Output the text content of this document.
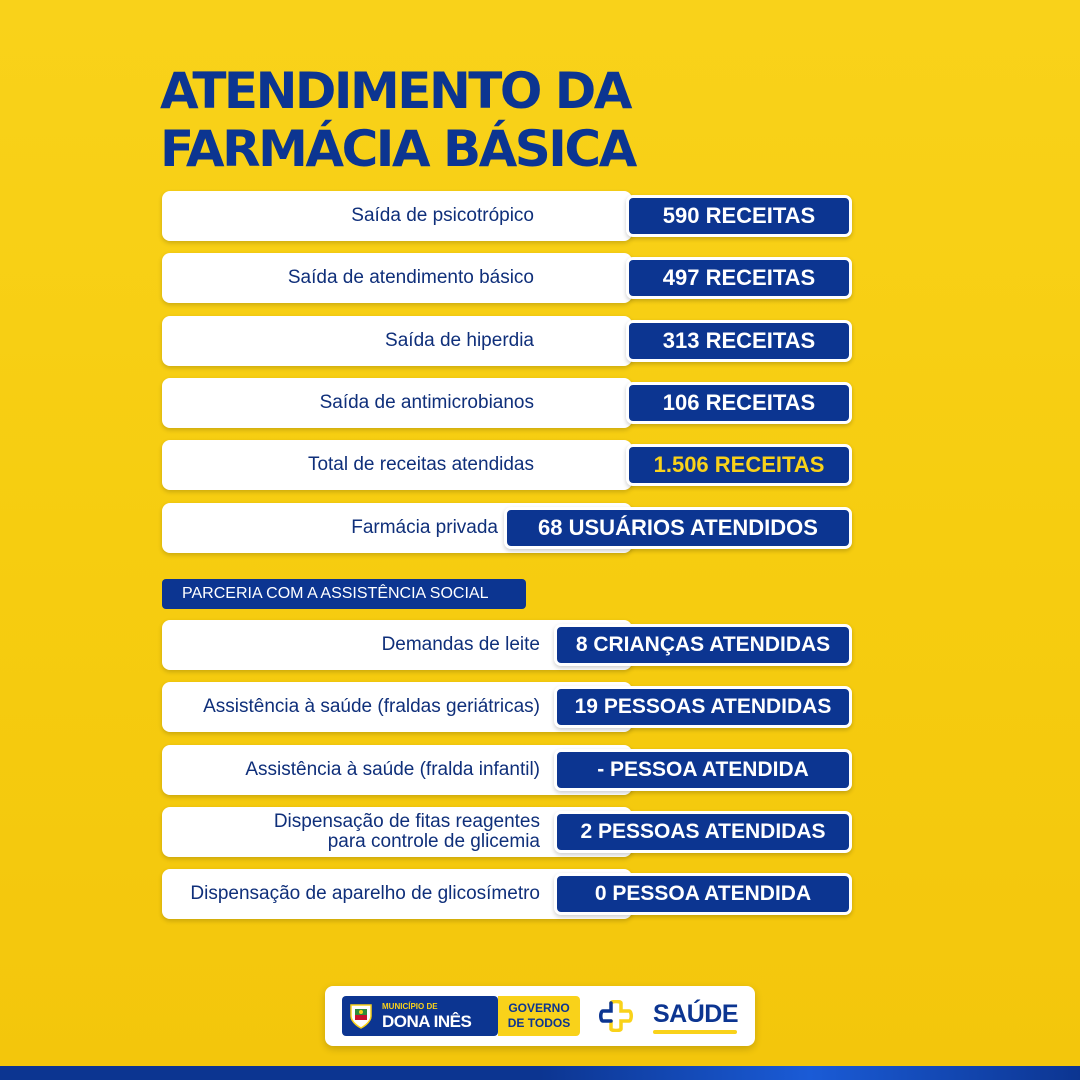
ATENDIMENTO DA
FARMÁCIA BÁSICA
Saída de psicotrópico	590 RECEITAS
Saída de atendimento básico	497 RECEITAS
Saída de hiperdia	313 RECEITAS
Saída de antimicrobianos	106 RECEITAS
Total de receitas atendidas	1.506 RECEITAS
Farmácia privada	68 USUÁRIOS ATENDIDOS
PARCERIA COM A ASSISTÊNCIA SOCIAL
Demandas de leite	8 CRIANÇAS ATENDIDAS
Assistência à saúde (fraldas geriátricas)	19 PESSOAS ATENDIDAS
Assistência à saúde (fralda infantil)	- PESSOA ATENDIDA
Dispensação de fitas reagentes
para controle de glicemia	2 PESSOAS ATENDIDAS
Dispensação de aparelho de glicosímetro	0 PESSOA ATENDIDA
MUNICÍPIO DE
DONA INÊS
GOVERNO
DE TODOS	SAÚDE
